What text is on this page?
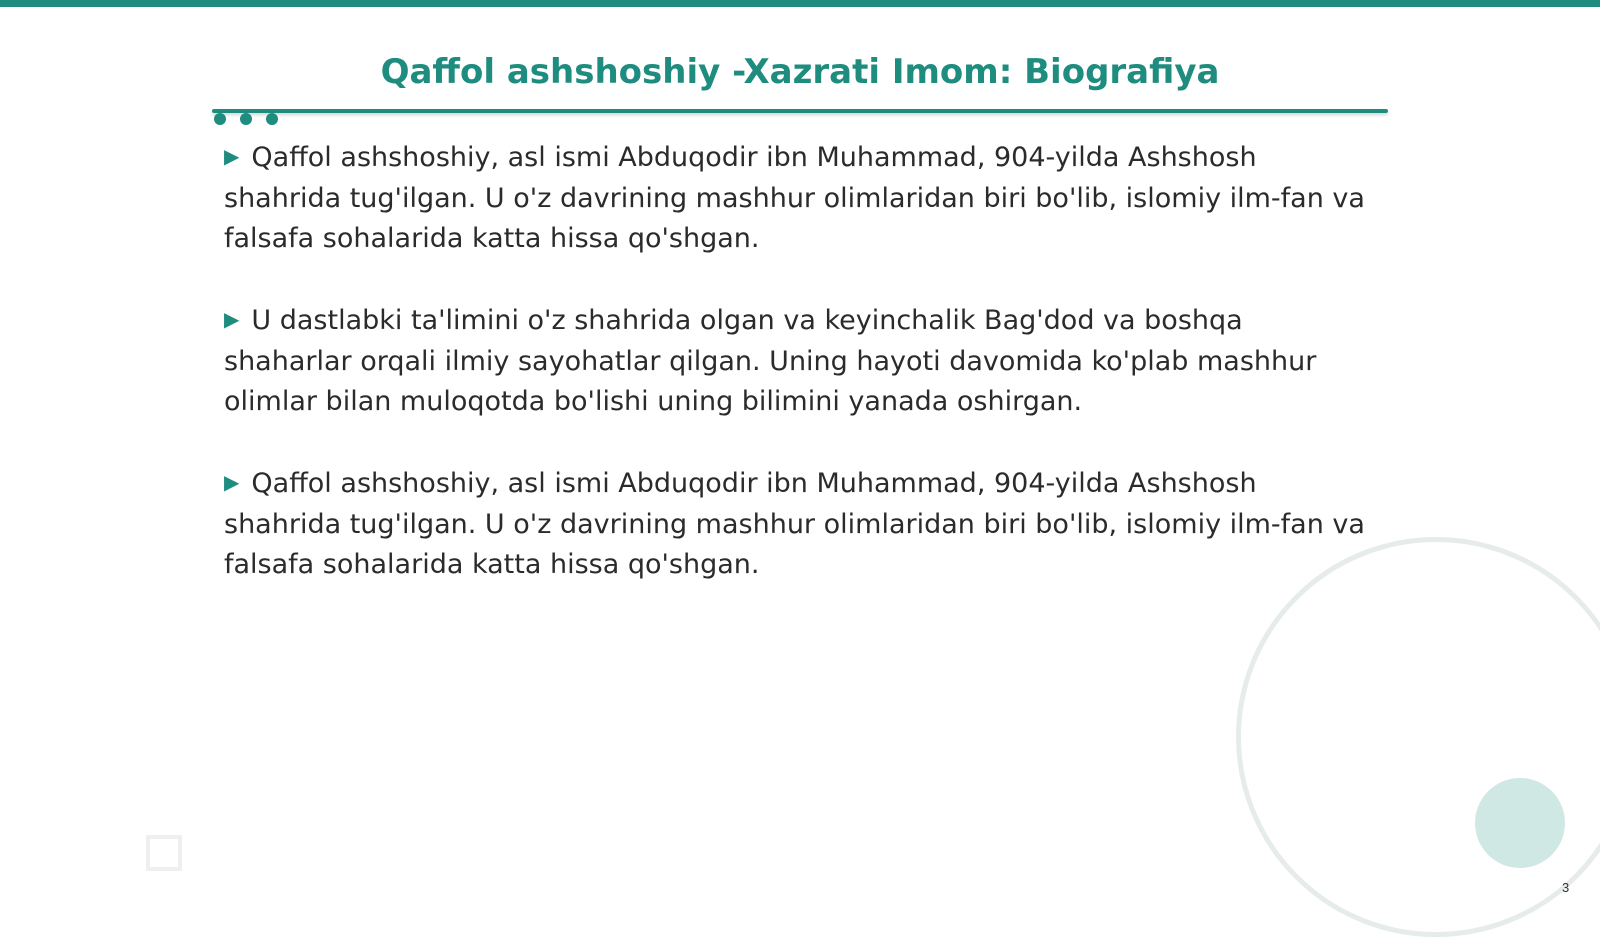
Qaffol ashshoshiy -Xazrati Imom: Biografiya

▶ Qaffol ashshoshiy, asl ismi Abduqodir ibn Muhammad, 904-yilda Ashshosh shahrida tug'ilgan. U o'z davrining mashhur olimlaridan biri bo'lib, islomiy ilm-fan va falsafa sohalarida katta hissa qo'shgan.

▶ U dastlabki ta'limini o'z shahrida olgan va keyinchalik Bag'dod va boshqa shaharlar orqali ilmiy sayohatlar qilgan. Uning hayoti davomida ko'plab mashhur olimlar bilan muloqotda bo'lishi uning bilimini yanada oshirgan.

▶ Qaffol ashshoshiy, asl ismi Abduqodir ibn Muhammad, 904-yilda Ashshosh shahrida tug'ilgan. U o'z davrining mashhur olimlaridan biri bo'lib, islomiy ilm-fan va falsafa sohalarida katta hissa qo'shgan.

3
